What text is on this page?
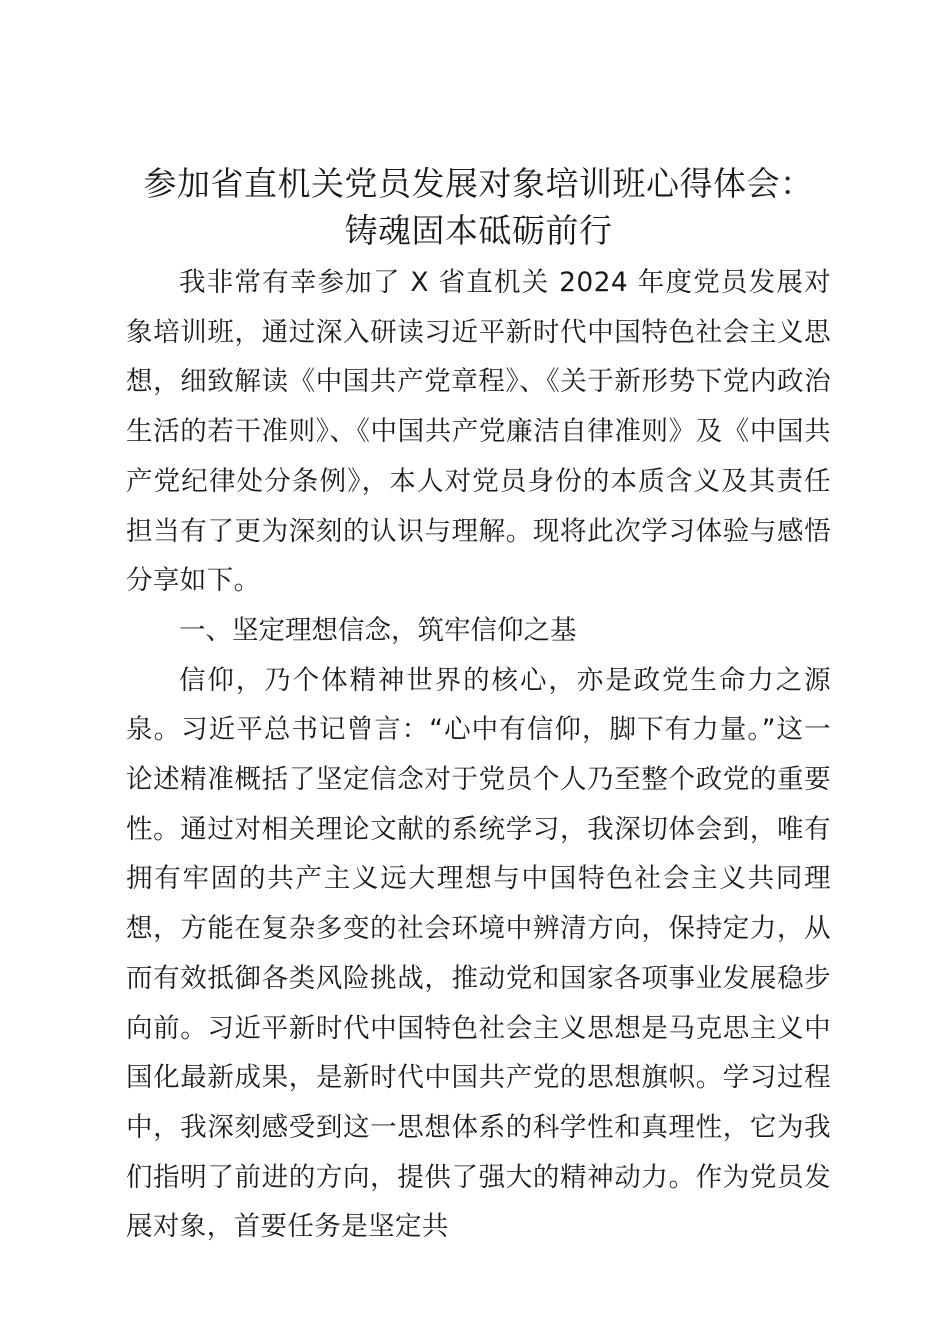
参加省直机关党员发展对象培训班心得体会：
铸魂固本砥砺前行

我非常有幸参加了 X 省直机关 2024 年度党员发展对象培训班，通过深入研读习近平新时代中国特色社会主义思想，细致解读《中国共产党章程》、《关于新形势下党内政治生活的若干准则》、《中国共产党廉洁自律准则》及《中国共产党纪律处分条例》，本人对党员身份的本质含义及其责任担当有了更为深刻的认识与理解。现将此次学习体验与感悟分享如下。

一、坚定理想信念，筑牢信仰之基

信仰，乃个体精神世界的核心，亦是政党生命力之源泉。习近平总书记曾言：“心中有信仰，脚下有力量。”这一论述精准概括了坚定信念对于党员个人乃至整个政党的重要性。通过对相关理论文献的系统学习，我深切体会到，唯有拥有牢固的共产主义远大理想与中国特色社会主义共同理想，方能在复杂多变的社会环境中辨清方向，保持定力，从而有效抵御各类风险挑战，推动党和国家各项事业发展稳步向前。习近平新时代中国特色社会主义思想是马克思主义中国化最新成果，是新时代中国共产党的思想旗帜。学习过程中，我深刻感受到这一思想体系的科学性和真理性，它为我们指明了前进的方向，提供了强大的精神动力。作为党员发展对象，首要任务是坚定共
